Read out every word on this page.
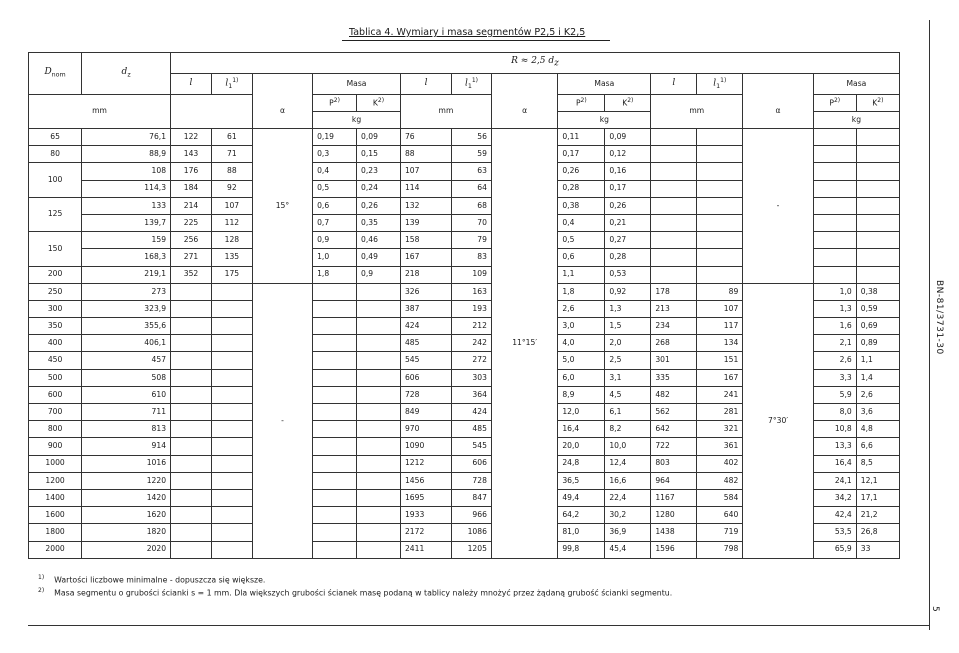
Tablica 4. Wymiary i masa segmentów P2,5 i K2,5
$D_{nom}$	$d_z$	R ≈ 2,5 $d_z$
		l	$l_1^{1)}$		Masa		l	$l_1^{1)}$		Masa		l	$l_1^{1)}$		Masa	
mm				α	$P^{2)}$	$K^{2)}$	mm		α	$P^{2)}$	$K^{2)}$	mm		α	$P^{2)}$	$K^{2)}$
					kg					kg					kg	
65	76,1	122	61	15°	0,19	0,09	76	56	11°15′	0,11	0,09			-		
80	88,9	143	71		0,3	0,15	88	59		0,17	0,12					
100	108	176	88		0,4	0,23	107	63		0,26	0,16					
	114,3	184	92		0,5	0,24	114	64		0,28	0,17					
125	133	214	107		0,6	0,26	132	68		0,38	0,26					
	139,7	225	112		0,7	0,35	139	70		0,4	0,21					
150	159	256	128		0,9	0,46	158	79		0,5	0,27					
	168,3	271	135		1,0	0,49	167	83		0,6	0,28					
200	219,1	352	175		1,8	0,9	218	109		1,1	0,53					
250	273			-			326	163		1,8	0,92	178	89	7°30′	1,0	0,38
300	323,9						387	193		2,6	1,3	213	107		1,3	0,59
350	355,6						424	212		3,0	1,5	234	117		1,6	0,69
400	406,1						485	242		4,0	2,0	268	134		2,1	0,89
450	457						545	272		5,0	2,5	301	151		2,6	1,1
500	508						606	303		6,0	3,1	335	167		3,3	1,4
600	610						728	364		8,9	4,5	482	241		5,9	2,6
700	711						849	424		12,0	6,1	562	281		8,0	3,6
800	813						970	485		16,4	8,2	642	321		10,8	4,8
900	914						1090	545		20,0	10,0	722	361		13,3	6,6
1000	1016						1212	606		24,8	12,4	803	402		16,4	8,5
1200	1220						1456	728		36,5	16,6	964	482		24,1	12,1
1400	1420						1695	847		49,4	22,4	1167	584		34,2	17,1
1600	1620						1933	966		64,2	30,2	1280	640		42,4	21,2
1800	1820						2172	1086		81,0	36,9	1438	719		53,5	26,8
2000	2020						2411	1205		99,8	45,4	1596	798		65,9	33
BN-81/3731-30
5
$^{1)}$ Wartości liczbowe minimalne - dopuszcza się większe.
$^{2)}$ Masa segmentu o grubości ścianki s = 1 mm. Dla większych grubości ścianek masę podaną w tablicy należy mnożyć przez żądaną grubość ścianki segmentu.
